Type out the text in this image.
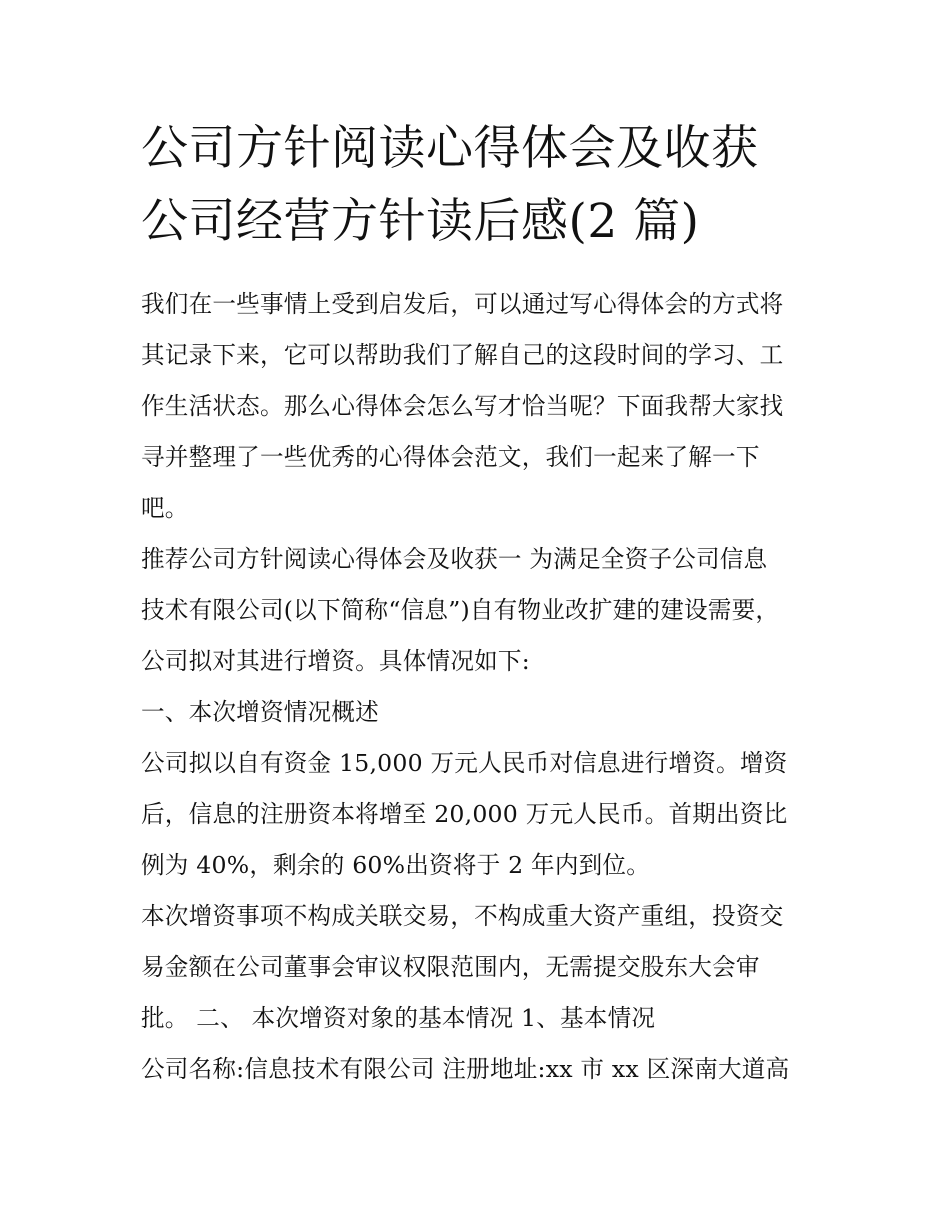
公司方针阅读心得体会及收获
公司经营方针读后感(2 篇)

我们在一些事情上受到启发后，可以通过写心得体会的方式将

其记录下来，它可以帮助我们了解自己的这段时间的学习、工

作生活状态。那么心得体会怎么写才恰当呢？下面我帮大家找

寻并整理了一些优秀的心得体会范文，我们一起来了解一下

吧。

推荐公司方针阅读心得体会及收获一 为满足全资子公司信息

技术有限公司(以下简称“信息”)自有物业改扩建的建设需要，

公司拟对其进行增资。具体情况如下:

一、本次增资情况概述

公司拟以自有资金 15,000 万元人民币对信息进行增资。增资

后，信息的注册资本将增至 20,000 万元人民币。首期出资比

例为 40%，剩余的 60%出资将于 2 年内到位。

本次增资事项不构成关联交易，不构成重大资产重组，投资交

易金额在公司董事会审议权限范围内，无需提交股东大会审

批。 二、 本次增资对象的基本情况 1、基本情况

公司名称:信息技术有限公司 注册地址:xx 市 xx 区深南大道高
